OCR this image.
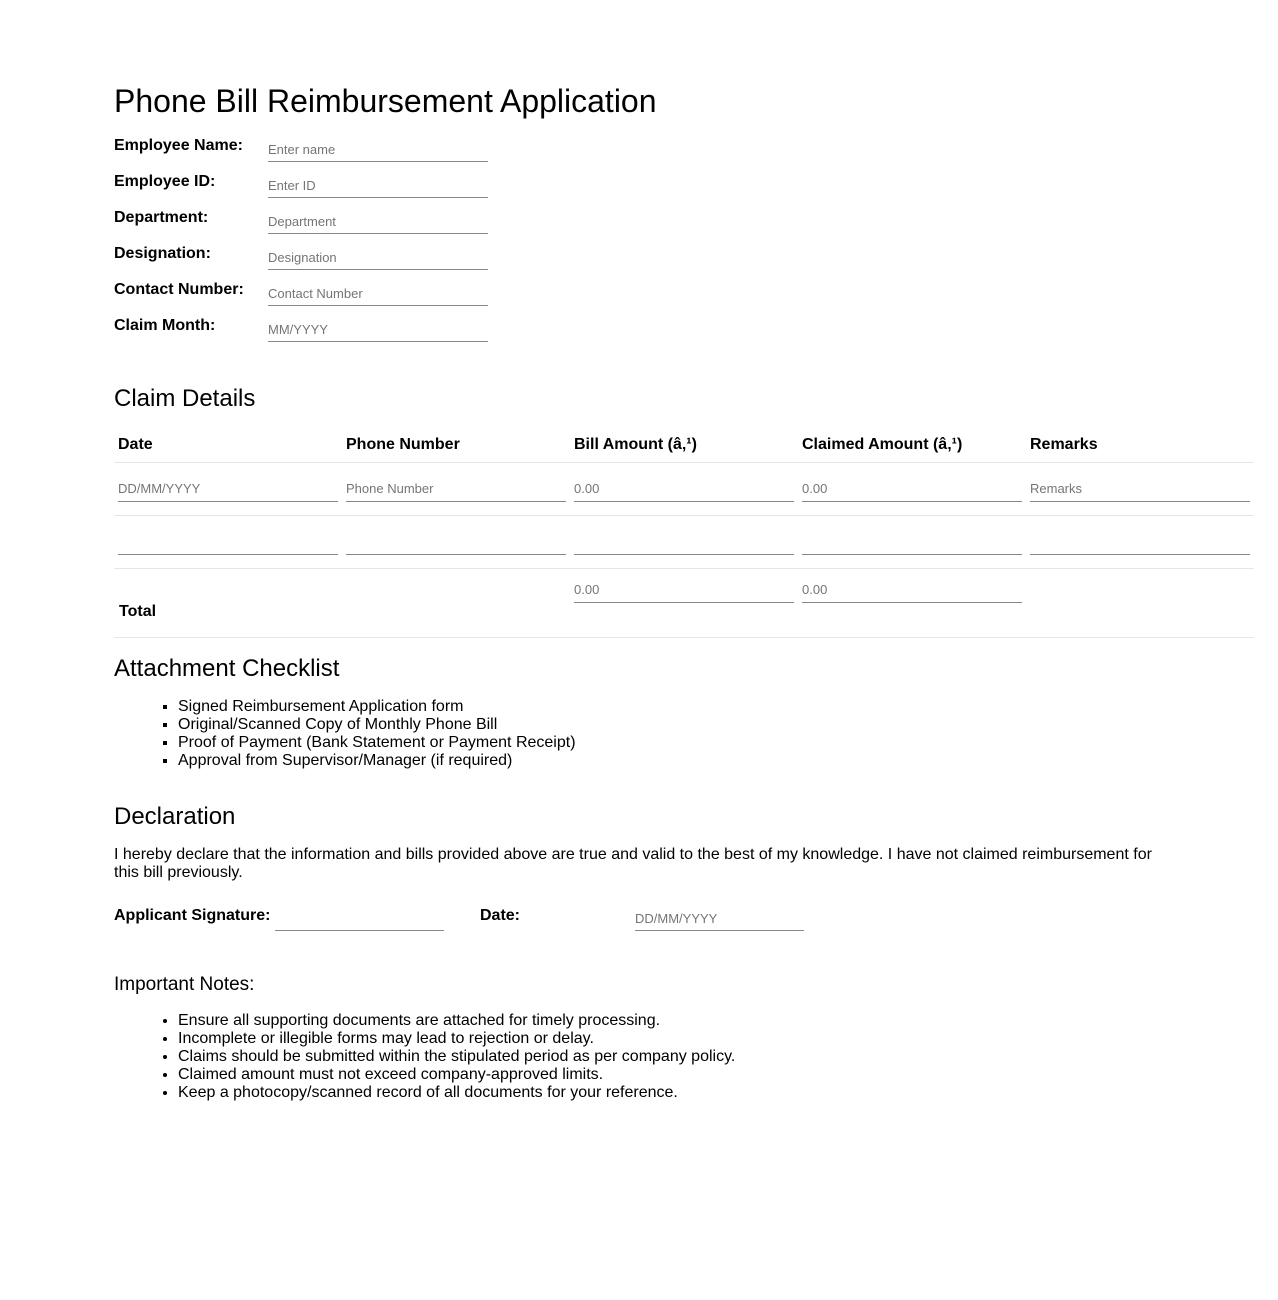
Phone Bill Reimbursement Application
Employee Name:
Enter name
Employee ID:
Enter ID
Department:
Department
Designation:
Designation
Contact Number:
Contact Number
Claim Month:
MM/YYYY
Claim Details
Date	Phone Number	Bill Amount (â‚¹)	Claimed Amount (â‚¹)	Remarks
DD/MM/YYYY	Phone Number	0.00	0.00	Remarks

Total		0.00	0.00	
Attachment Checklist
▪ Signed Reimbursement Application form
▪ Original/Scanned Copy of Monthly Phone Bill
▪ Proof of Payment (Bank Statement or Payment Receipt)
▪ Approval from Supervisor/Manager (if required)
Declaration

I hereby declare that the information and bills provided above are true and valid to the best of my knowledge. I have not claimed reimbursement for this bill previously.

Applicant Signature:	Date:
DD/MM/YYYY
Important Notes:
• Ensure all supporting documents are attached for timely processing.
• Incomplete or illegible forms may lead to rejection or delay.
• Claims should be submitted within the stipulated period as per company policy.
• Claimed amount must not exceed company-approved limits.
• Keep a photocopy/scanned record of all documents for your reference.
